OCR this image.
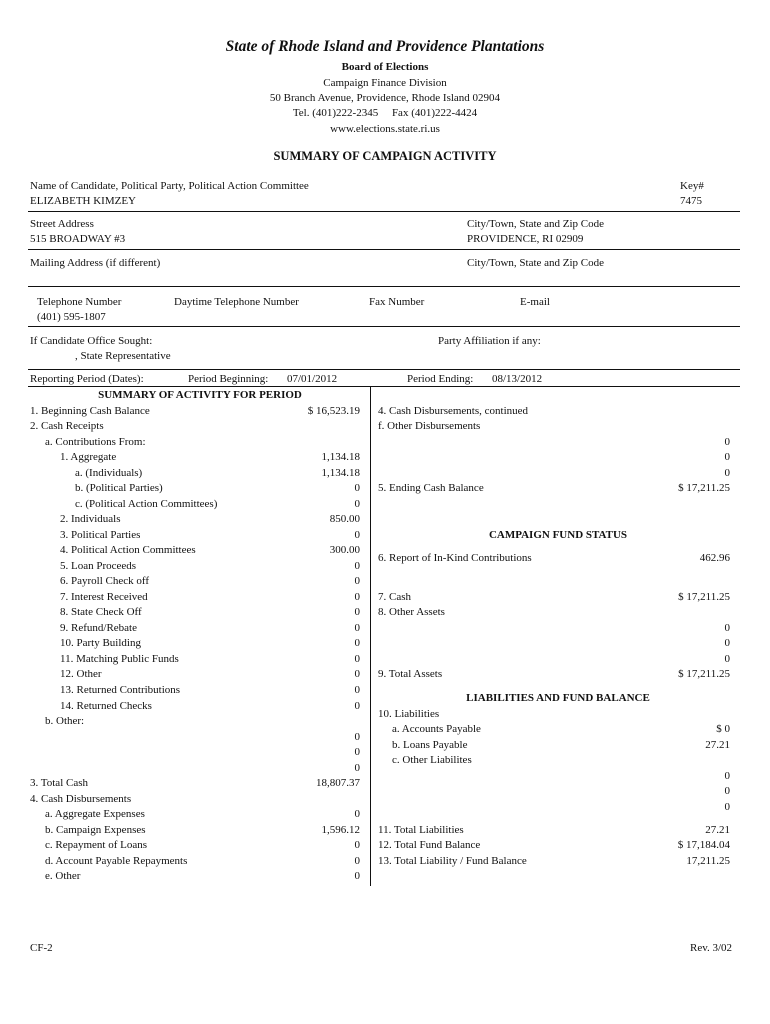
State of Rhode Island and Providence Plantations
Board of Elections
Campaign Finance Division
50 Branch Avenue, Providence, Rhode Island 02904
Tel. (401)222-2345     Fax (401)222-4424
www.elections.state.ri.us
SUMMARY OF CAMPAIGN ACTIVITY
Name of Candidate, Political Party, Political Action Committee
ELIZABETH KIMZEY
Key#
7475
Street Address
515 BROADWAY #3
City/Town, State and Zip Code
PROVIDENCE, RI 02909
Mailing Address (if different)	City/Town, State and Zip Code
Telephone Number
(401) 595-1807
Daytime Telephone Number	Fax Number	E-mail
If Candidate Office Sought:
, State Representative
Party Affiliation if any:
Reporting Period (Dates):	Period Beginning: 07/01/2012	Period Ending: 08/13/2012
SUMMARY OF ACTIVITY FOR PERIOD
1. Beginning Cash Balance	$ 16,523.19
2. Cash Receipts
a. Contributions From:
1. Aggregate	1,134.18
a. (Individuals)	1,134.18
b. (Political Parties)	0
c. (Political Action Committees)	0
2. Individuals	850.00
3. Political Parties	0
4. Political Action Committees	300.00
5. Loan Proceeds	0
6. Payroll Check off	0
7. Interest Received	0
8. State Check Off	0
9. Refund/Rebate	0
10. Party Building	0
11. Matching Public Funds	0
12. Other	0
13. Returned Contributions	0
14. Returned Checks	0
b. Other:
0
0
0
3. Total Cash	18,807.37
4. Cash Disbursements
a. Aggregate Expenses	0
b. Campaign Expenses	1,596.12
c. Repayment of Loans	0
d. Account Payable Repayments	0
e. Other	0
4. Cash Disbursements, continued
f. Other Disbursements
0
0
0
5. Ending Cash Balance	$ 17,211.25
CAMPAIGN FUND STATUS
6. Report of In-Kind Contributions	462.96
7. Cash	$ 17,211.25
8. Other Assets
0
0
0
9. Total Assets	$ 17,211.25
LIABILITIES AND FUND BALANCE
10. Liabilities
a. Accounts Payable	$ 0
b. Loans Payable	27.21
c. Other Liabilites
0
0
0
11. Total Liabilities	27.21
12. Total Fund Balance	$ 17,184.04
13. Total Liability / Fund Balance	17,211.25
CF-2	Rev. 3/02
